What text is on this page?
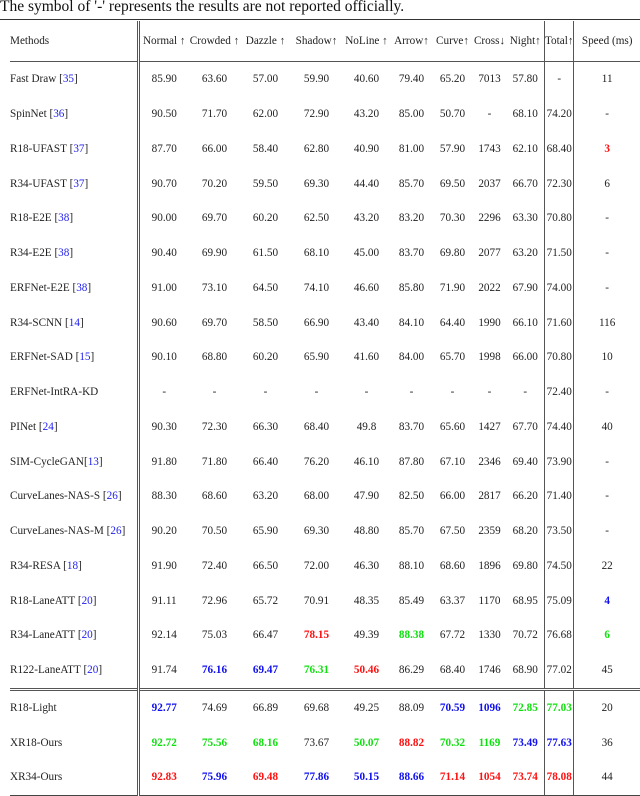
The symbol of '-' represents the results are not reported officially.
Methods	Normal ↑	Crowded ↑	Dazzle ↑	Shadow↑	NoLine ↑	Arrow↑	Curve↑	Cross↓	Night↑	Total↑	Speed (ms)
Fast Draw [35]	85.90	63.60	57.00	59.90	40.60	79.40	65.20	7013	57.80	-	11
SpinNet [36]	90.50	71.70	62.00	72.90	43.20	85.00	50.70	-	68.10	74.20	-
R18-UFAST [37]	87.70	66.00	58.40	62.80	40.90	81.00	57.90	1743	62.10	68.40	3
R34-UFAST [37]	90.70	70.20	59.50	69.30	44.40	85.70	69.50	2037	66.70	72.30	6
R18-E2E [38]	90.00	69.70	60.20	62.50	43.20	83.20	70.30	2296	63.30	70.80	-
R34-E2E [38]	90.40	69.90	61.50	68.10	45.00	83.70	69.80	2077	63.20	71.50	-
ERFNet-E2E [38]	91.00	73.10	64.50	74.10	46.60	85.80	71.90	2022	67.90	74.00	-
R34-SCNN [14]	90.60	69.70	58.50	66.90	43.40	84.10	64.40	1990	66.10	71.60	116
ERFNet-SAD [15]	90.10	68.80	60.20	65.90	41.60	84.00	65.70	1998	66.00	70.80	10
ERFNet-IntRA-KD	-	-	-	-	-	-	-	-	-	72.40	-
PINet [24]	90.30	72.30	66.30	68.40	49.8	83.70	65.60	1427	67.70	74.40	40
SIM-CycleGAN[13]	91.80	71.80	66.40	76.20	46.10	87.80	67.10	2346	69.40	73.90	-
CurveLanes-NAS-S [26]	88.30	68.60	63.20	68.00	47.90	82.50	66.00	2817	66.20	71.40	-
CurveLanes-NAS-M [26]	90.20	70.50	65.90	69.30	48.80	85.70	67.50	2359	68.20	73.50	-
R34-RESA [18]	91.90	72.40	66.50	72.00	46.30	88.10	68.60	1896	69.80	74.50	22
R18-LaneATT [20]	91.11	72.96	65.72	70.91	48.35	85.49	63.37	1170	68.95	75.09	4
R34-LaneATT [20]	92.14	75.03	66.47	78.15	49.39	88.38	67.72	1330	70.72	76.68	6
R122-LaneATT [20]	91.74	76.16	69.47	76.31	50.46	86.29	68.40	1746	68.90	77.02	45
R18-Light	92.77	74.69	66.89	69.68	49.25	88.09	70.59	1096	72.85	77.03	20
XR18-Ours	92.72	75.56	68.16	73.67	50.07	88.82	70.32	1169	73.49	77.63	36
XR34-Ours	92.83	75.96	69.48	77.86	50.15	88.66	71.14	1054	73.74	78.08	44
